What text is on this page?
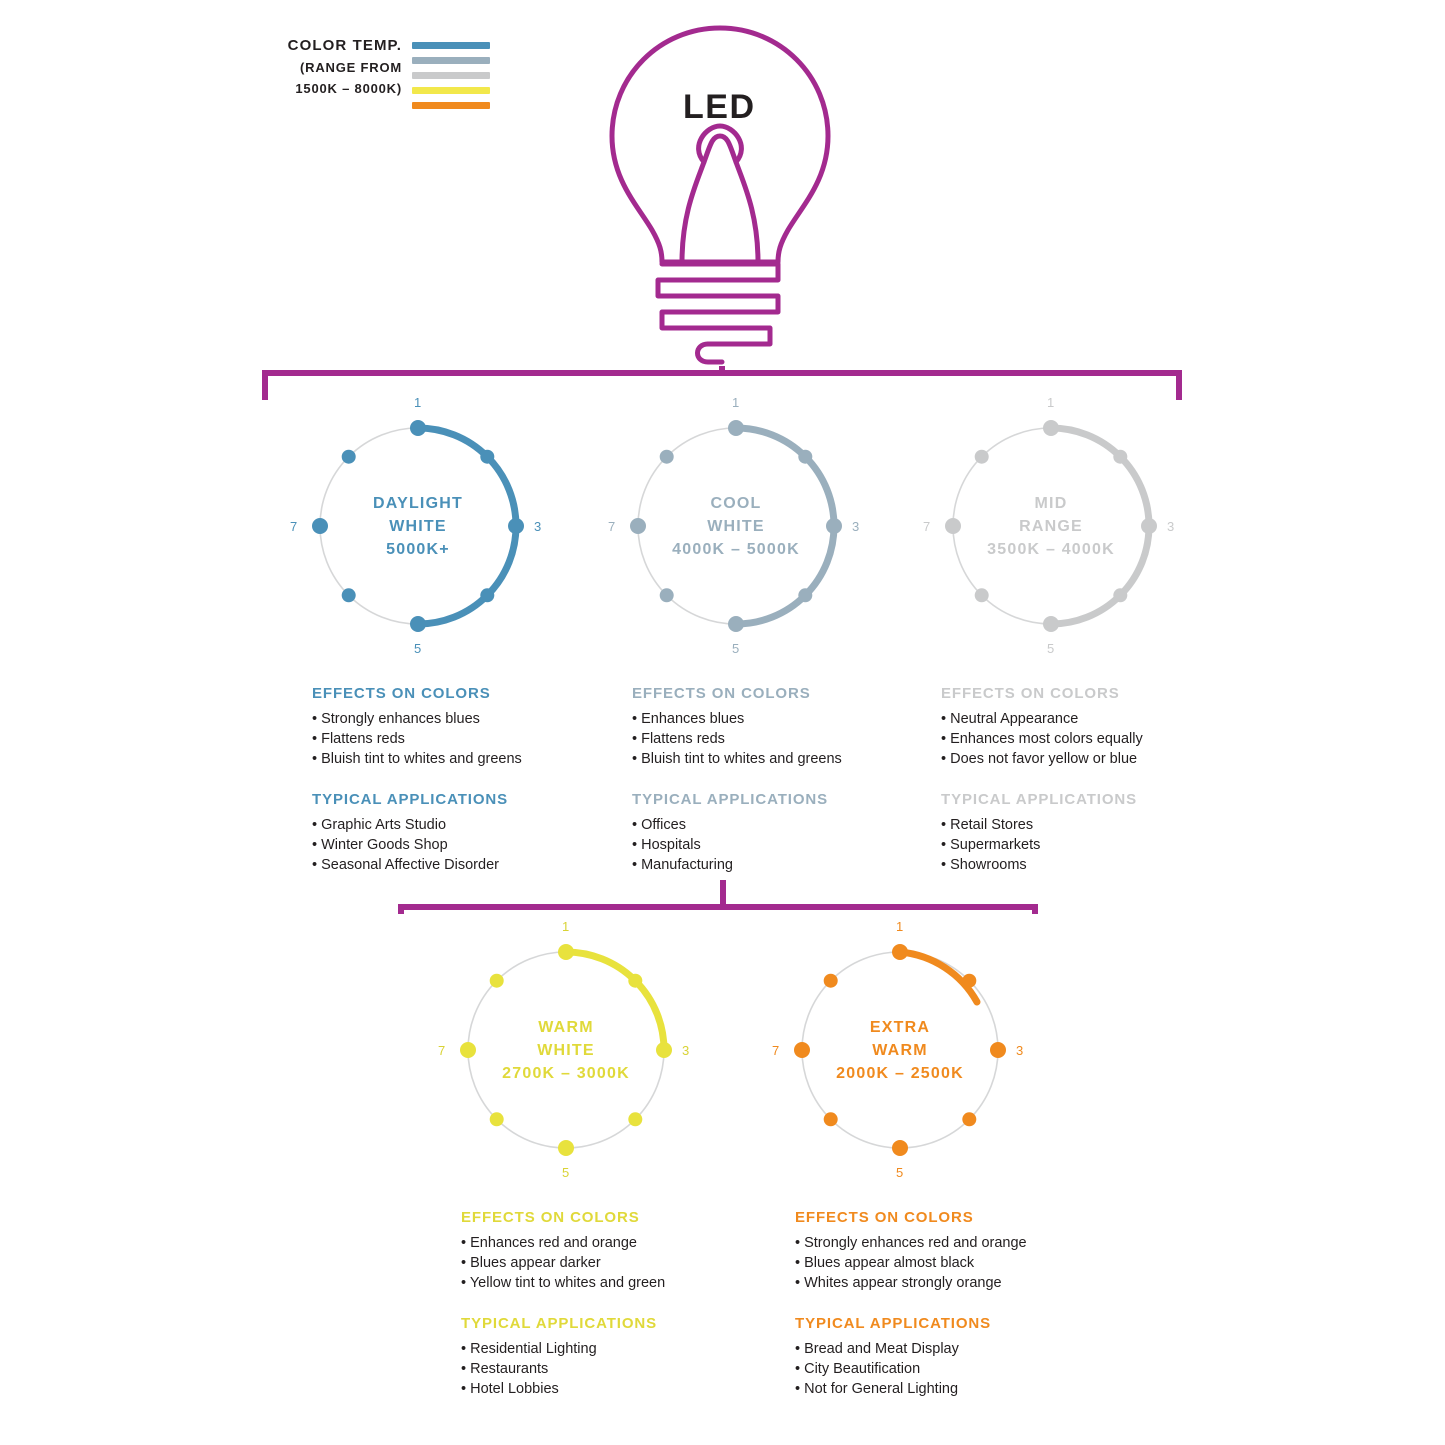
COLOR TEMP.
(RANGE FROM
1500K – 8000K)	LED
1
3
5
7
DAYLIGHT
WHITE
5000K+
EFFECTS ON COLORS
• Strongly enhances blues
• Flattens reds
• Bluish tint to whites and greens
TYPICAL APPLICATIONS
• Graphic Arts Studio
• Winter Goods Shop
• Seasonal Affective Disorder
1
3
5
7
COOL
WHITE
4000K – 5000K
EFFECTS ON COLORS
• Enhances blues
• Flattens reds
• Bluish tint to whites and greens
TYPICAL APPLICATIONS
• Offices
• Hospitals
• Manufacturing
1
3
5
7
MID
RANGE
3500K – 4000K
EFFECTS ON COLORS
• Neutral Appearance
• Enhances most colors equally
• Does not favor yellow or blue
TYPICAL APPLICATIONS
• Retail Stores
• Supermarkets
• Showrooms
1
3
5
7
WARM
WHITE
2700K – 3000K
EFFECTS ON COLORS
• Enhances red and orange
• Blues appear darker
• Yellow tint to whites and green
TYPICAL APPLICATIONS
• Residential Lighting
• Restaurants
• Hotel Lobbies
1
3
5
7
EXTRA
WARM
2000K – 2500K
EFFECTS ON COLORS
• Strongly enhances red and orange
• Blues appear almost black
• Whites appear strongly orange
TYPICAL APPLICATIONS
• Bread and Meat Display
• City Beautification
• Not for General Lighting
